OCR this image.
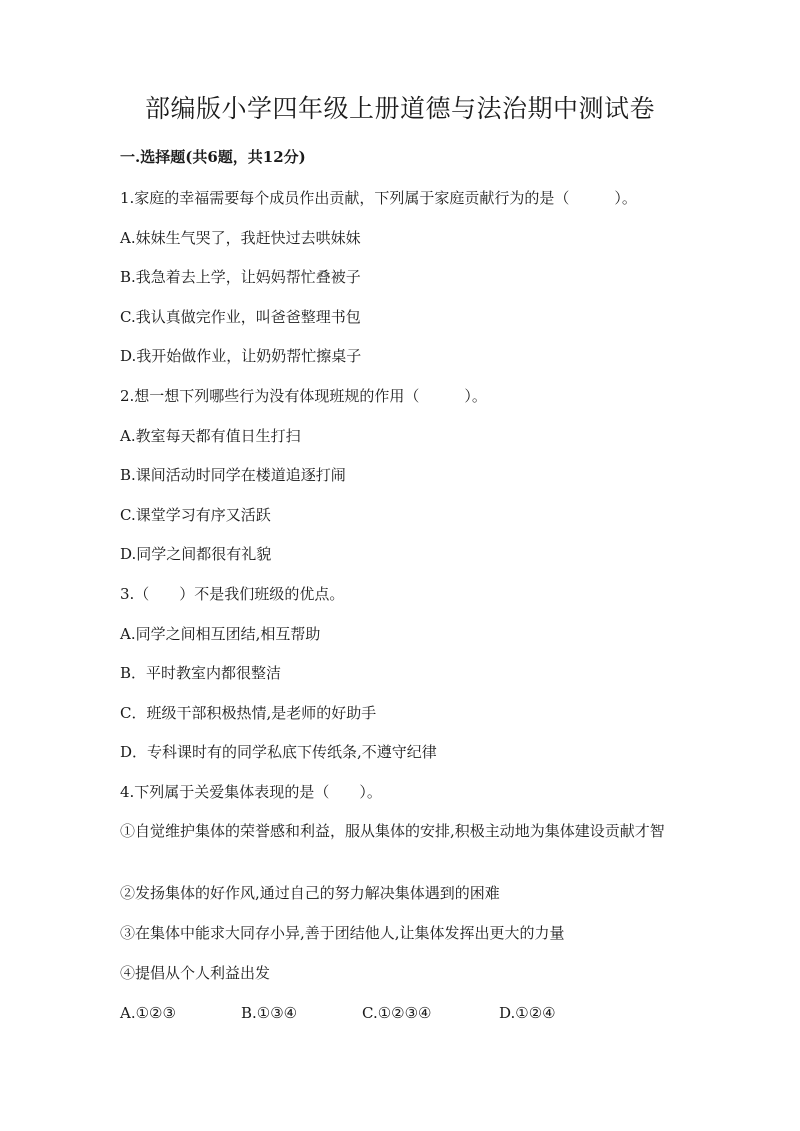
部编版小学四年级上册道德与法治期中测试卷
一.选择题(共6题，共12分)

1.家庭的幸福需要每个成员作出贡献，下列属于家庭贡献行为的是（　　　）。

A.妹妹生气哭了，我赶快过去哄妹妹

B.我急着去上学，让妈妈帮忙叠被子

C.我认真做完作业，叫爸爸整理书包

D.我开始做作业，让奶奶帮忙擦桌子

2.想一想下列哪些行为没有体现班规的作用（　　　）。

A.教室每天都有值日生打扫

B.课间活动时同学在楼道追逐打闹

C.课堂学习有序又活跃

D.同学之间都很有礼貌

3.（　　）不是我们班级的优点。

A.同学之间相互团结,相互帮助

B．平时教室内都很整洁

C．班级干部积极热情,是老师的好助手

D．专科课时有的同学私底下传纸条,不遵守纪律

4.下列属于关爱集体表现的是（　　）。

①自觉维护集体的荣誉感和利益，服从集体的安排,积极主动地为集体建设贡献才智

②发扬集体的好作风,通过自己的努力解决集体遇到的困难

③在集体中能求大同存小异,善于团结他人,让集体发挥出更大的力量

④提倡从个人利益出发

A.①②③	B.①③④	C.①②③④	D.①②④
